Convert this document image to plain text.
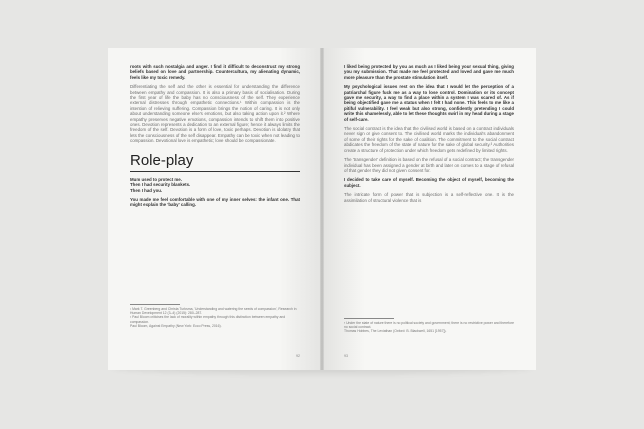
roots with such nostalgia and anger. I find it difficult to deconstruct my strong beliefs based on love and partnership. Countercultura, my alienating dynamic, feels like my toxic remedy.

Differentiating the self and the other is essential for understanding the difference between empathy and compassion. It is also a primary basis of socialisation. During the first year of life the baby has no consciousness of the self. They experience external distresses through empathetic connections.¹ Within compassion is the intention of relieving suffering. Compassion brings the notion of caring. It is not only about understanding someone else's emotions, but also taking action upon it.² Where empathy preserves negative emotions, compassion intends to shift them into positive ones. Devotion represents a dedication to an external figure; hence it always limits the freedom of the self. Devotion is a form of love, toxic perhaps. Devotion is idolatry that lets the consciousness of the self disappear. Empathy can be toxic when not leading to compassion. Devotional love is empathetic; love should be compassionate.

Role-play

Mum used to protect me.

Then I had security blankets.

Then I had you.

You made me feel comfortable with one of my inner selves: the infant one. That might explain the 'baby' calling.

¹ Mark T. Greenberg and Christa Turksma, 'Understanding and watering the seeds of compassion', Research in Human Development 12 (3–4) (2015): 280–287.
² Paul Bloom criticises the lack of morality within empathy through this distinction between empathy and compassion.
Paul Bloom, Against Empathy (New York: Ecco Press, 2016).
92

I liked being protected by you as much as I liked being your sexual thing, giving you my submission. That made me feel protected and loved and gave me much more pleasure than the prostate stimulation itself.

My psychological issues rest on the idea that I would let the perception of a patriarchal figure fuck me as a way to lose control. Domination or its concept gave me security, a way to find a place within a system I was scared of. As if being objectified gave me a status when I felt I had none. This feels to me like a pitiful vulnerability. I feel weak but also strong, confidently pretending I could write this shamelessly, able to let these thoughts swirl in my head during a stage of self-care.

The social contract is the idea that the civilised world is based on a contract individuals never sign or give consent to. The civilised world marks the individual's abandonment of some of their rights for the sake of coalition. The commitment to the social contract abdicates the freedom of the state of nature for the sake of global security.³ Authorities create a structure of protection under which freedom gets redefined by limited rights.

The 'transgender' definition is based on the refusal of a social contract; the transgender individual has been assigned a gender at birth and later on comes to a stage of refusal of that gender they did not given consent for.

I decided to take care of myself. Becoming the object of myself, becoming the subject.

The intricate form of power that is subjection is a self-reflective one. It is the assimilation of structural violence that is

³ Under the state of nature there is no political society and government; there is no restrictive power and therefore no social contract.
Thomas Hobbes, The Leviathan (Oxford: B. Blackwell, 1651 [1957]).
93
